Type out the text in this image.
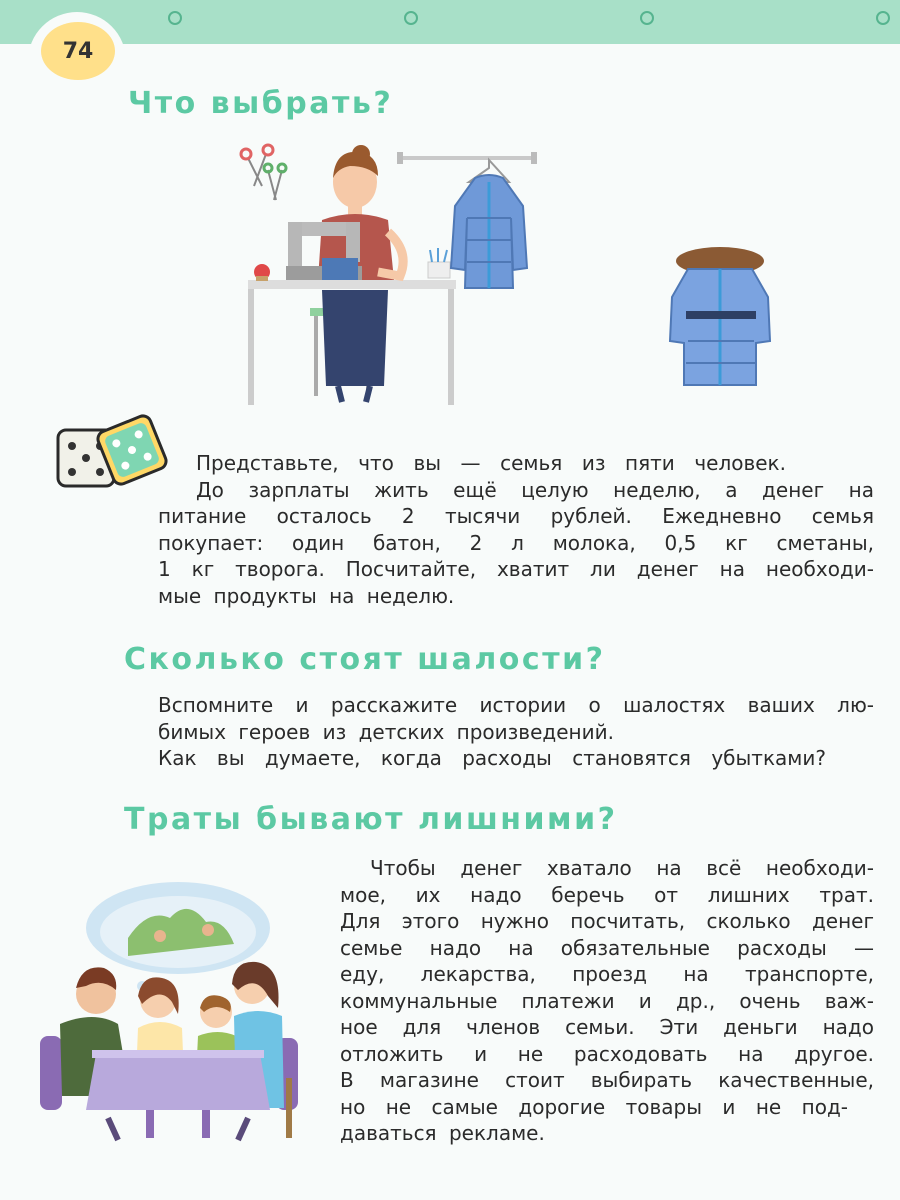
74
Что выбрать?
Представьте, что вы — семья из пяти человек.
До зарплаты жить ещё целую неделю, а денег на
питание осталось 2 тысячи рублей. Ежедневно семья
покупает: один батон, 2 л молока, 0,5 кг сметаны,
1 кг творога. Посчитайте, хватит ли денег на необходи-
мые продукты на неделю.
Сколько стоят шалости?
Вспомните и расскажите истории о шалостях ваших лю-
бимых героев из детских произведений.
Как вы думаете, когда расходы становятся убытками?
Траты бывают лишними?
Чтобы денег хватало на всё необходи-
мое, их надо беречь от лишних трат.
Для этого нужно посчитать, сколько денег
семье надо на обязательные расходы —
еду, лекарства, проезд на транспорте,
коммунальные платежи и др., очень важ-
ное для членов семьи. Эти деньги надо
отложить и не расходовать на другое.
В магазине стоит выбирать качественные,
но не самые дорогие товары и не под-
даваться рекламе.
